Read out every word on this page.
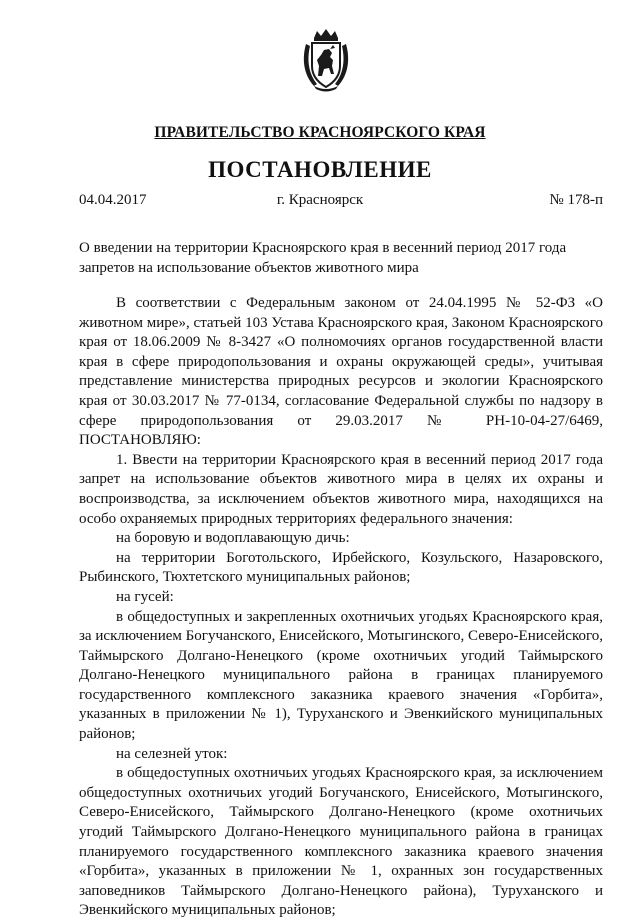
ПРАВИТЕЛЬСТВО КРАСНОЯРСКОГО КРАЯ
ПОСТАНОВЛЕНИЕ
04.04.2017	г. Красноярск	№ 178-п
О введении на территории Красноярского края в весенний период 2017 года запретов на использование объектов животного мира

В соответствии с Федеральным законом от 24.04.1995 № 52-ФЗ «О животном мире», статьей 103 Устава Красноярского края, Законом Красноярского края от 18.06.2009 № 8-3427 «О полномочиях органов государственной власти края в сфере природопользования и охраны окружающей среды», учитывая представление министерства природных ресурсов и экологии Красноярского края от 30.03.2017 № 77-0134, согласование Федеральной службы по надзору в сфере природопользования от 29.03.2017 № РН-10-04-27/6469, ПОСТАНОВЛЯЮ:

1. Ввести на территории Красноярского края в весенний период 2017 года запрет на использование объектов животного мира в целях их охраны и воспроизводства, за исключением объектов животного мира, находящихся на особо охраняемых природных территориях федерального значения:

на боровую и водоплавающую дичь:

на территории Боготольского, Ирбейского, Козульского, Назаровского, Рыбинского, Тюхтетского муниципальных районов;

на гусей:

в общедоступных и закрепленных охотничьих угодьях Красноярского края, за исключением Богучанского, Енисейского, Мотыгинского, Северо-Енисейского, Таймырского Долгано-Ненецкого (кроме охотничьих угодий Таймырского Долгано-Ненецкого муниципального района в границах планируемого государственного комплексного заказника краевого значения «Горбита», указанных в приложении № 1), Туруханского и Эвенкийского муниципальных районов;

на селезней уток:

в общедоступных охотничьих угодьях Красноярского края, за исключением общедоступных охотничьих угодий Богучанского, Енисейского, Мотыгинского, Северо-Енисейского, Таймырского Долгано-Ненецкого (кроме охотничьих угодий Таймырского Долгано-Ненецкого муниципального района в границах планируемого государственного комплексного заказника краевого значения «Горбита», указанных в приложении № 1, охранных зон государственных заповедников Таймырского Долгано-Ненецкого района), Туруханского и Эвенкийского муниципальных районов;
